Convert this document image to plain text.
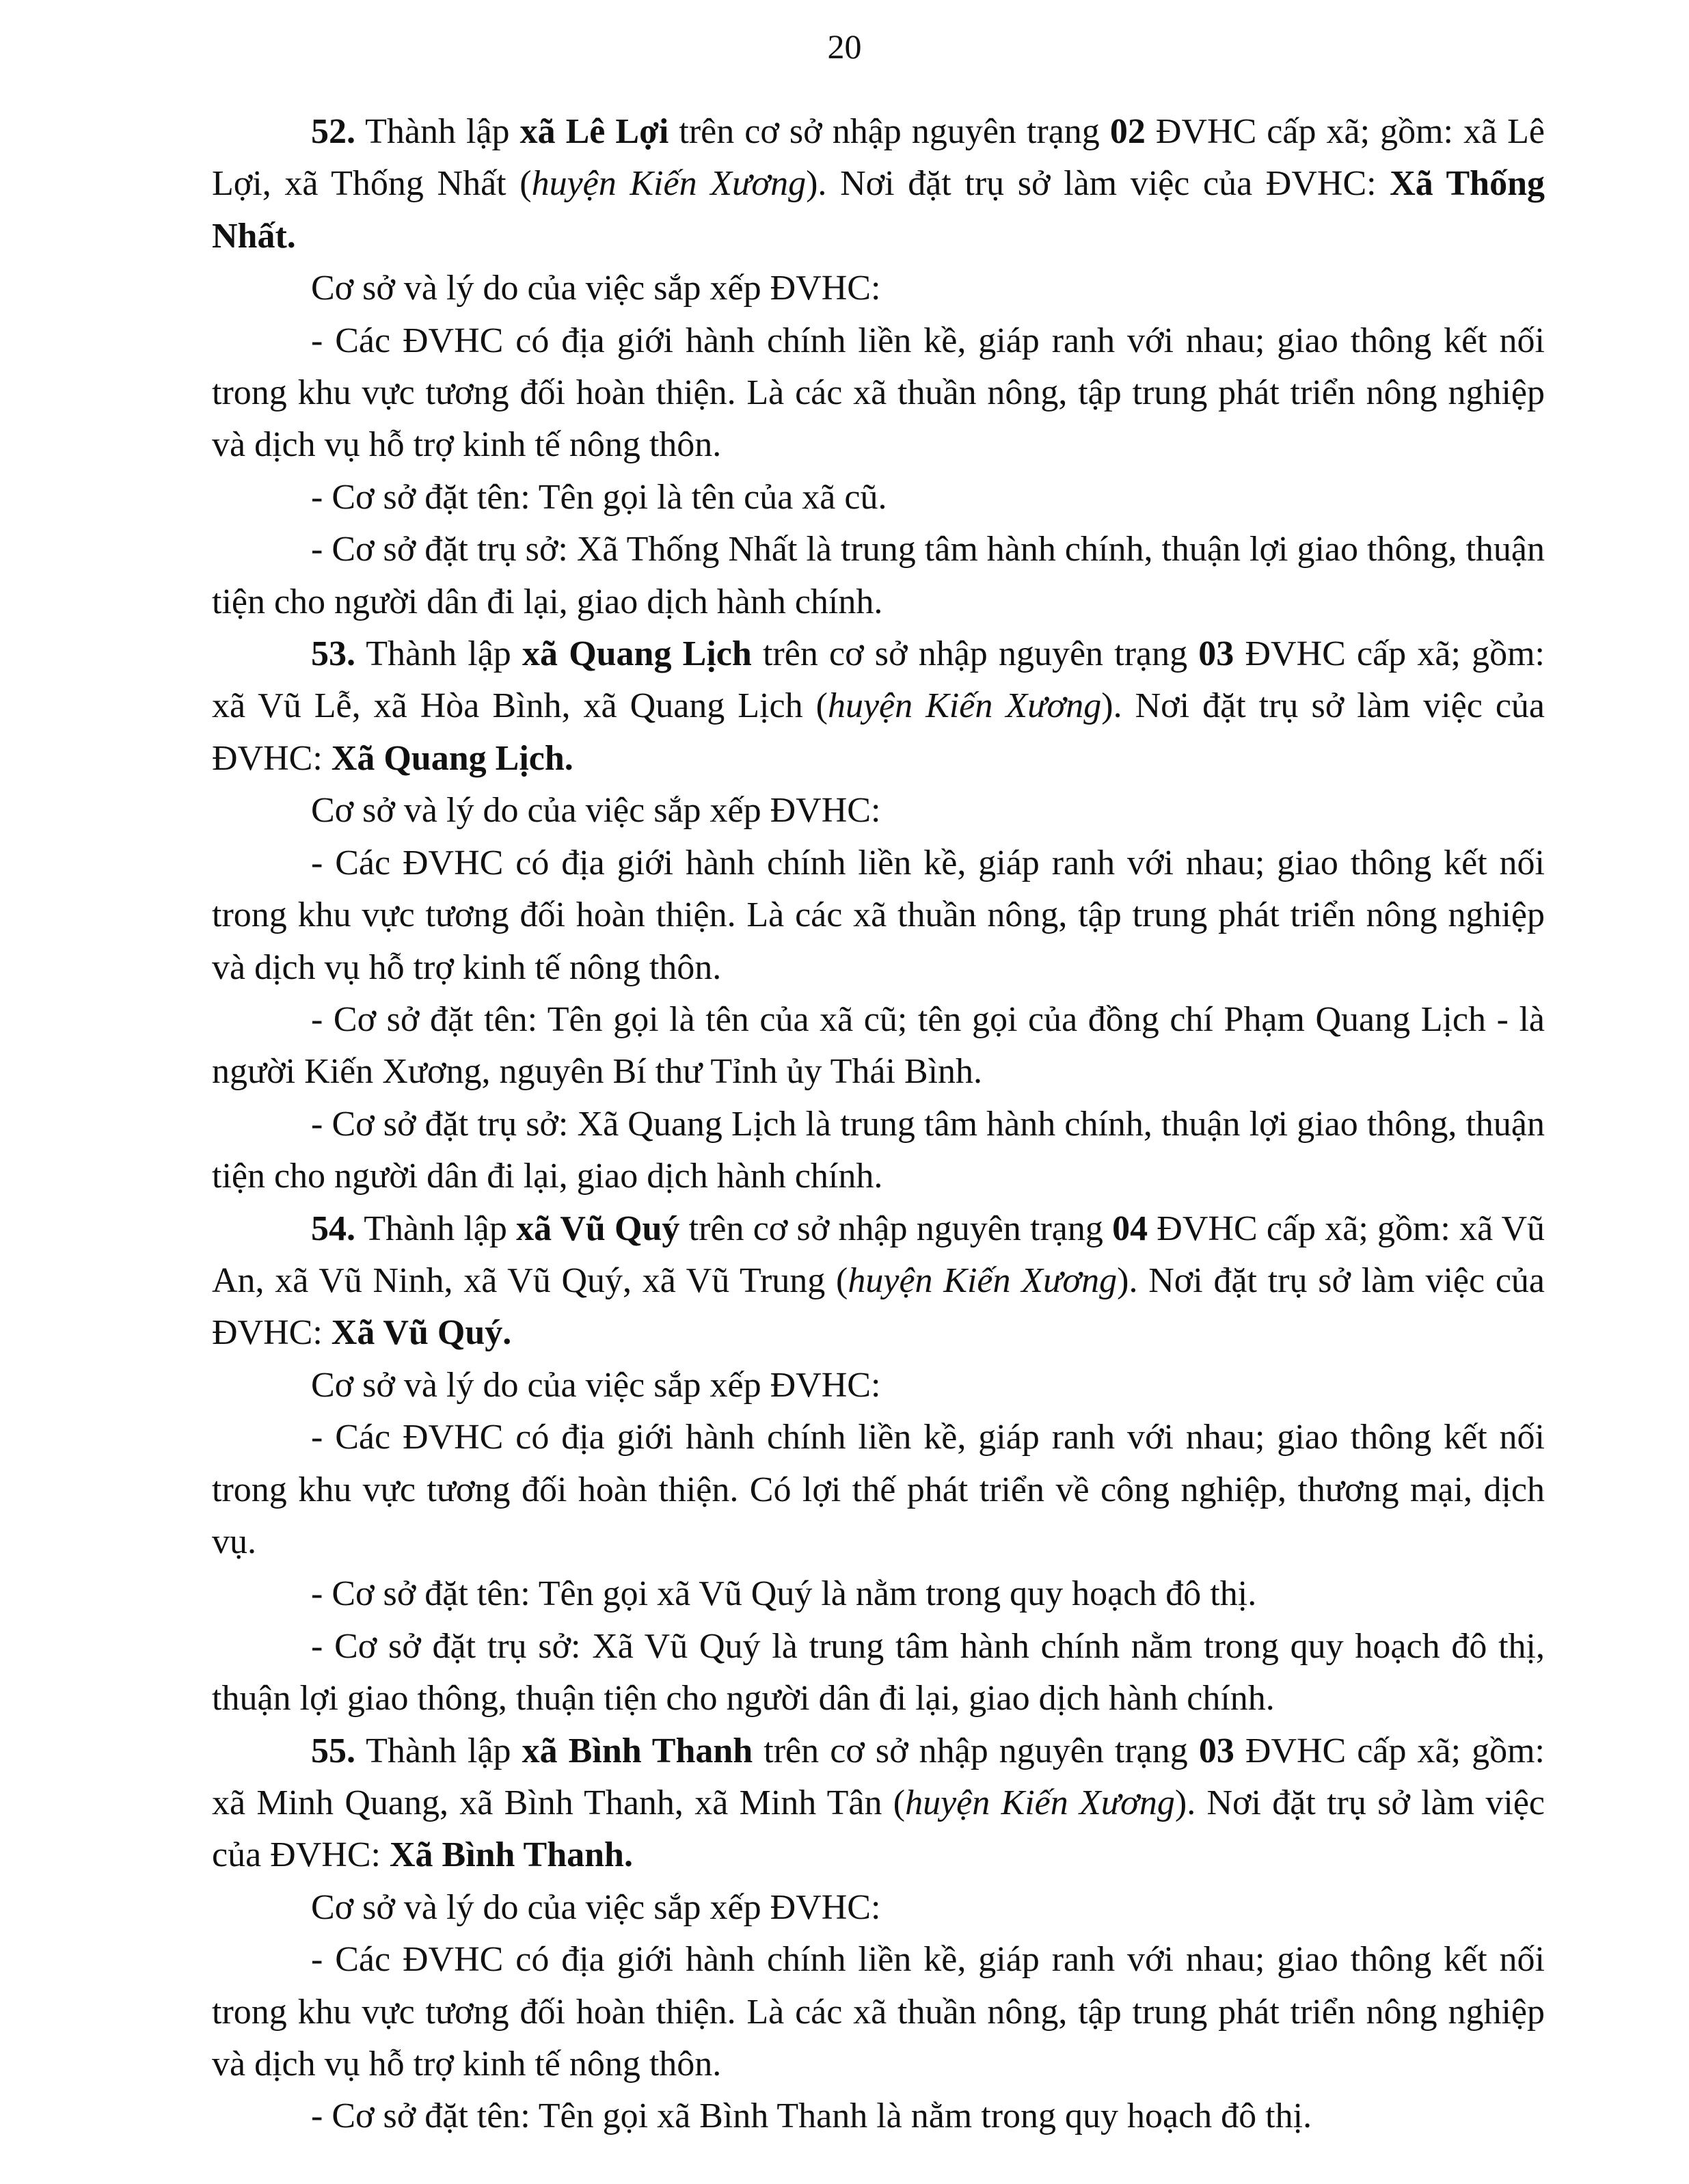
20

52. Thành lập xã Lê Lợi trên cơ sở nhập nguyên trạng 02 ĐVHC cấp xã; gồm: xã Lê Lợi, xã Thống Nhất (huyện Kiến Xương). Nơi đặt trụ sở làm việc của ĐVHC: Xã Thống Nhất.

Cơ sở và lý do của việc sắp xếp ĐVHC:

- Các ĐVHC có địa giới hành chính liền kề, giáp ranh với nhau; giao thông kết nối trong khu vực tương đối hoàn thiện. Là các xã thuần nông, tập trung phát triển nông nghiệp và dịch vụ hỗ trợ kinh tế nông thôn.

- Cơ sở đặt tên: Tên gọi là tên của xã cũ.

- Cơ sở đặt trụ sở: Xã Thống Nhất là trung tâm hành chính, thuận lợi giao thông, thuận tiện cho người dân đi lại, giao dịch hành chính.

53. Thành lập xã Quang Lịch trên cơ sở nhập nguyên trạng 03 ĐVHC cấp xã; gồm: xã Vũ Lễ, xã Hòa Bình, xã Quang Lịch (huyện Kiến Xương). Nơi đặt trụ sở làm việc của ĐVHC: Xã Quang Lịch.

Cơ sở và lý do của việc sắp xếp ĐVHC:

- Các ĐVHC có địa giới hành chính liền kề, giáp ranh với nhau; giao thông kết nối trong khu vực tương đối hoàn thiện. Là các xã thuần nông, tập trung phát triển nông nghiệp và dịch vụ hỗ trợ kinh tế nông thôn.

- Cơ sở đặt tên: Tên gọi là tên của xã cũ; tên gọi của đồng chí Phạm Quang Lịch - là người Kiến Xương, nguyên Bí thư Tỉnh ủy Thái Bình.

- Cơ sở đặt trụ sở: Xã Quang Lịch là trung tâm hành chính, thuận lợi giao thông, thuận tiện cho người dân đi lại, giao dịch hành chính.

54. Thành lập xã Vũ Quý trên cơ sở nhập nguyên trạng 04 ĐVHC cấp xã; gồm: xã Vũ An, xã Vũ Ninh, xã Vũ Quý, xã Vũ Trung (huyện Kiến Xương). Nơi đặt trụ sở làm việc của ĐVHC: Xã Vũ Quý.

Cơ sở và lý do của việc sắp xếp ĐVHC:

- Các ĐVHC có địa giới hành chính liền kề, giáp ranh với nhau; giao thông kết nối trong khu vực tương đối hoàn thiện. Có lợi thế phát triển về công nghiệp, thương mại, dịch vụ.

- Cơ sở đặt tên: Tên gọi xã Vũ Quý là nằm trong quy hoạch đô thị.

- Cơ sở đặt trụ sở: Xã Vũ Quý là trung tâm hành chính nằm trong quy hoạch đô thị, thuận lợi giao thông, thuận tiện cho người dân đi lại, giao dịch hành chính.

55. Thành lập xã Bình Thanh trên cơ sở nhập nguyên trạng 03 ĐVHC cấp xã; gồm: xã Minh Quang, xã Bình Thanh, xã Minh Tân (huyện Kiến Xương). Nơi đặt trụ sở làm việc của ĐVHC: Xã Bình Thanh.

Cơ sở và lý do của việc sắp xếp ĐVHC:

- Các ĐVHC có địa giới hành chính liền kề, giáp ranh với nhau; giao thông kết nối trong khu vực tương đối hoàn thiện. Là các xã thuần nông, tập trung phát triển nông nghiệp và dịch vụ hỗ trợ kinh tế nông thôn.

- Cơ sở đặt tên: Tên gọi xã Bình Thanh là nằm trong quy hoạch đô thị.
